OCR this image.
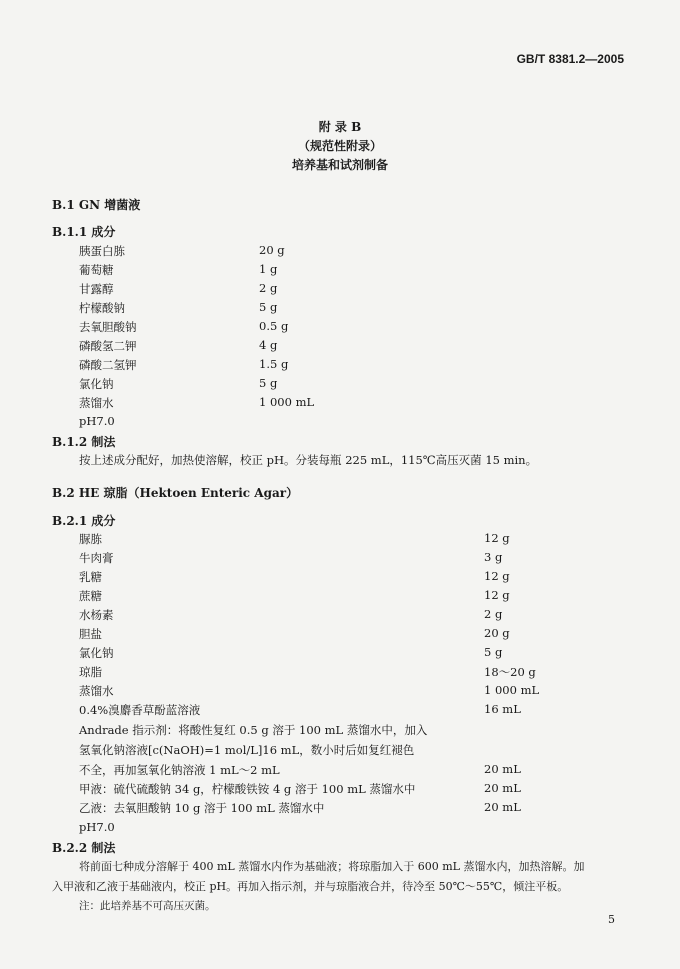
GB/T 8381.2—2005
附 录 B
（规范性附录）
培养基和试剂制备
B.1 GN 增菌液
B.1.1 成分
胰蛋白胨	20 g
葡萄糖	1 g
甘露醇	2 g
柠檬酸钠	5 g
去氧胆酸钠	0.5 g
磷酸氢二钾	4 g
磷酸二氢钾	1.5 g
氯化钠	5 g
蒸馏水	1 000 mL
pH7.0
B.1.2 制法
按上述成分配好，加热使溶解，校正 pH。分装每瓶 225 mL，115℃高压灭菌 15 min。
B.2 HE 琼脂（Hektoen Enteric Agar）
B.2.1 成分
脲胨	12 g
牛肉膏	3 g
乳糖	12 g
蔗糖	12 g
水杨素	2 g
胆盐	20 g
氯化钠	5 g
琼脂	18～20 g
蒸馏水	1 000 mL
0.4%溴麝香草酚蓝溶液	16 mL
Andrade 指示剂：将酸性复红 0.5 g 溶于 100 mL 蒸馏水中，加入
氢氧化钠溶液[c(NaOH)=1 mol/L]16 mL，数小时后如复红褪色
不全，再加氢氧化钠溶液 1 mL～2 mL	20 mL
甲液：硫代硫酸钠 34 g，柠檬酸铁铵 4 g 溶于 100 mL 蒸馏水中	20 mL
乙液：去氧胆酸钠 10 g 溶于 100 mL 蒸馏水中	20 mL
pH7.0
B.2.2 制法
将前面七种成分溶解于 400 mL 蒸馏水内作为基础液；将琼脂加入于 600 mL 蒸馏水内，加热溶解。加
入甲液和乙液于基础液内，校正 pH。再加入指示剂，并与琼脂液合并，待冷至 50℃～55℃，倾注平板。
注：此培养基不可高压灭菌。
5
